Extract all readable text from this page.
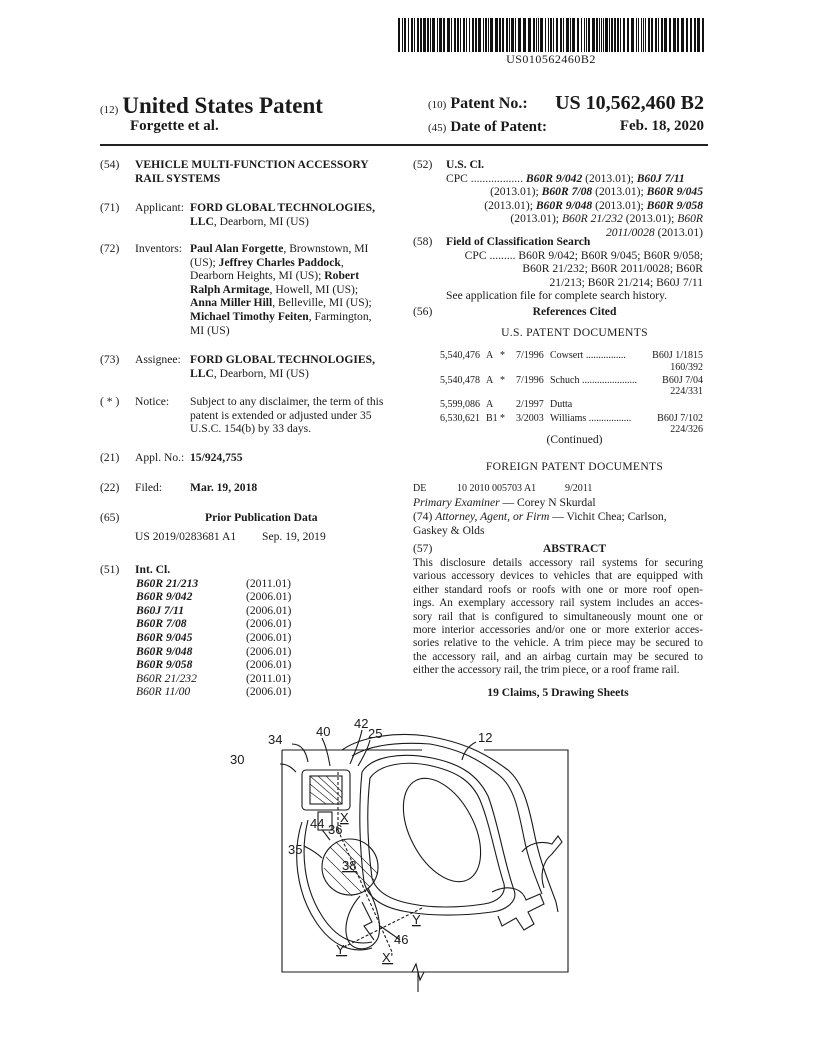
US010562460B2
(12) United States Patent
Forgette et al.
(10) Patent No.: US 10,562,460 B2
(45) Date of Patent:	Feb. 18, 2020
(54) VEHICLE MULTI-FUNCTION ACCESSORY
RAIL SYSTEMS
(71) Applicant: FORD GLOBAL TECHNOLOGIES,
LLC, Dearborn, MI (US)
(72) Inventors: Paul Alan Forgette, Brownstown, MI
(US); Jeffrey Charles Paddock,
Dearborn Heights, MI (US); Robert
Ralph Armitage, Howell, MI (US);
Anna Miller Hill, Belleville, MI (US);
Michael Timothy Feiten, Farmington,
MI (US)
(73) Assignee: FORD GLOBAL TECHNOLOGIES,
LLC, Dearborn, MI (US)
( * ) Notice: Subject to any disclaimer, the term of this
patent is extended or adjusted under 35
U.S.C. 154(b) by 33 days.
(21) Appl. No.: 15/924,755
(22) Filed: Mar. 19, 2018
(65)	Prior Publication Data
US 2019/0283681 A1 Sep. 19, 2019
(51) Int. Cl.
B60R 21/213	(2011.01)
B60R 9/042	(2006.01)
B60J 7/11	(2006.01)
B60R 7/08	(2006.01)
B60R 9/045	(2006.01)
B60R 9/048	(2006.01)
B60R 9/058	(2006.01)
B60R 21/232	(2011.01)
B60R 11/00	(2006.01)
(52) U.S. Cl.
CPC .................. B60R 9/042 (2013.01); B60J 7/11
(2013.01); B60R 7/08 (2013.01); B60R 9/045
(2013.01); B60R 9/048 (2013.01); B60R 9/058
(2013.01); B60R 21/232 (2013.01); B60R
2011/0028 (2013.01)
(58) Field of Classification Search
CPC ......... B60R 9/042; B60R 9/045; B60R 9/058;
B60R 21/232; B60R 2011/0028; B60R
21/213; B60R 21/214; B60J 7/11
See application file for complete search history.
(56)	References Cited
U.S. PATENT DOCUMENTS
5,540,476 A * 7/1996 Cowsert ................	B60J 1/1815
160/392
5,540,478 A * 7/1996 Schuch ......................	B60J 7/04
224/331
5,599,086 A 2/1997 Dutta
6,530,621 B1 * 3/2003 Williams .................	B60J 7/102
224/326
(Continued)
FOREIGN PATENT DOCUMENTS
DE	10 2010 005703 A1	9/2011
Primary Examiner — Corey N Skurdal
(74) Attorney, Agent, or Firm — Vichit Chea; Carlson,
Gaskey & Olds
(57)	ABSTRACT
This disclosure details accessory rail systems for securing
various accessory devices to vehicles that are equipped with
either standard roofs or roofs with one or more roof open-
ings. An exemplary accessory rail system includes an acces-
sory rail that is configured to simultaneously mount one or
more interior accessories and/or one or more exterior acces-
sories relative to the vehicle. A trim piece may be secured to
the accessory rail, and an airbag curtain may be secured to
either the accessory rail, the trim piece, or a roof frame rail.
19 Claims, 5 Drawing Sheets
30
34
40
42
25	12
X
44 36
35
38
Y
46
Y'
X'
